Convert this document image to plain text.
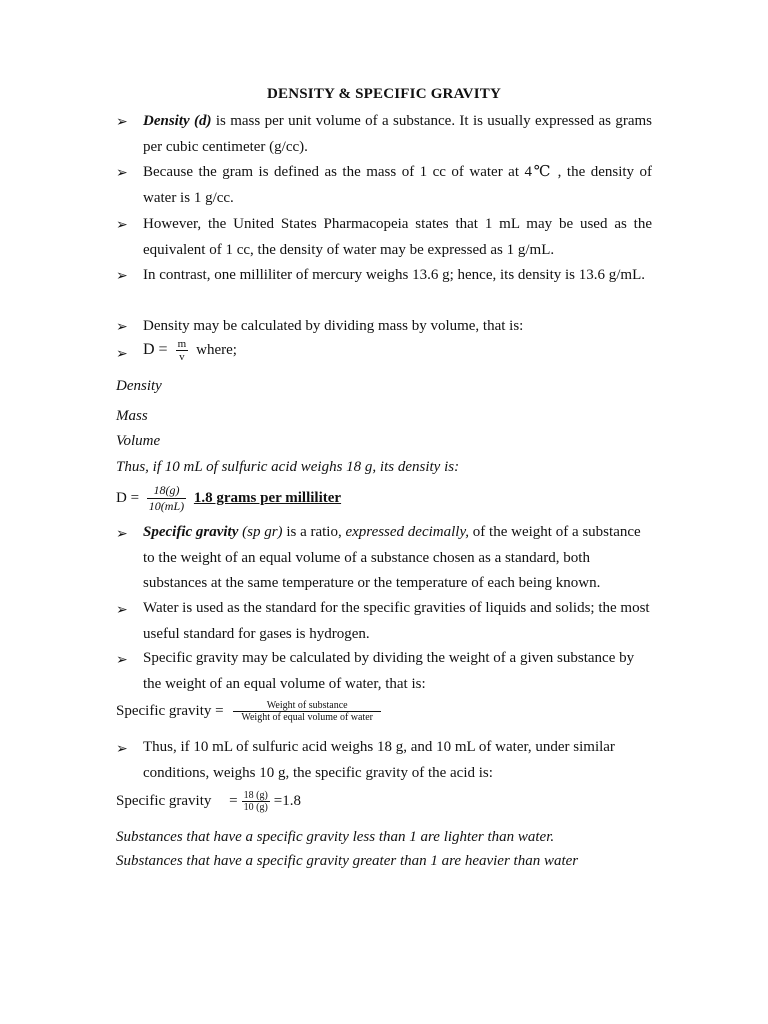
DENSITY & SPECIFIC GRAVITY
➢ Density (d) is mass per unit volume of a substance. It is usually expressed as grams per cubic centimeter (g/cc).
➢ Because the gram is defined as the mass of 1 cc of water at 4℃ , the density of water is 1 g/cc.
➢ However, the United States Pharmacopeia states that 1 mL may be used as the equivalent of 1 cc, the density of water may be expressed as 1 g/mL.
➢ In contrast, one milliliter of mercury weighs 13.6 g; hence, its density is 13.6 g/mL.
➢ Density may be calculated by dividing mass by volume, that is:
➢ $D = \frac{m}{v}$ where;
Density
Mass
Volume
Thus, if 10 mL of sulfuric acid weighs 18 g, its density is:
$D = \frac{18(g)}{10(mL)} 1.8$ grams per milliliter
➢ Specific gravity (sp gr) is a ratio, expressed decimally, of the weight of a substance to the weight of an equal volume of a substance chosen as a standard, both substances at the same temperature or the temperature of each being known.
➢ Water is used as the standard for the specific gravities of liquids and solids; the most useful standard for gases is hydrogen.
➢ Specific gravity may be calculated by dividing the weight of a given substance by the weight of an equal volume of water, that is:
Specific gravity = $\frac{\text{Weight of substance}}{\text{Weight of equal volume of water}}$
➢ Thus, if 10 mL of sulfuric acid weighs 18 g, and 10 mL of water, under similar conditions, weighs 10 g, the specific gravity of the acid is:
Specific gravity = $\frac{18 (g)}{10 (g)} =1.8$
Substances that have a specific gravity less than 1 are lighter than water.
Substances that have a specific gravity greater than 1 are heavier than water
